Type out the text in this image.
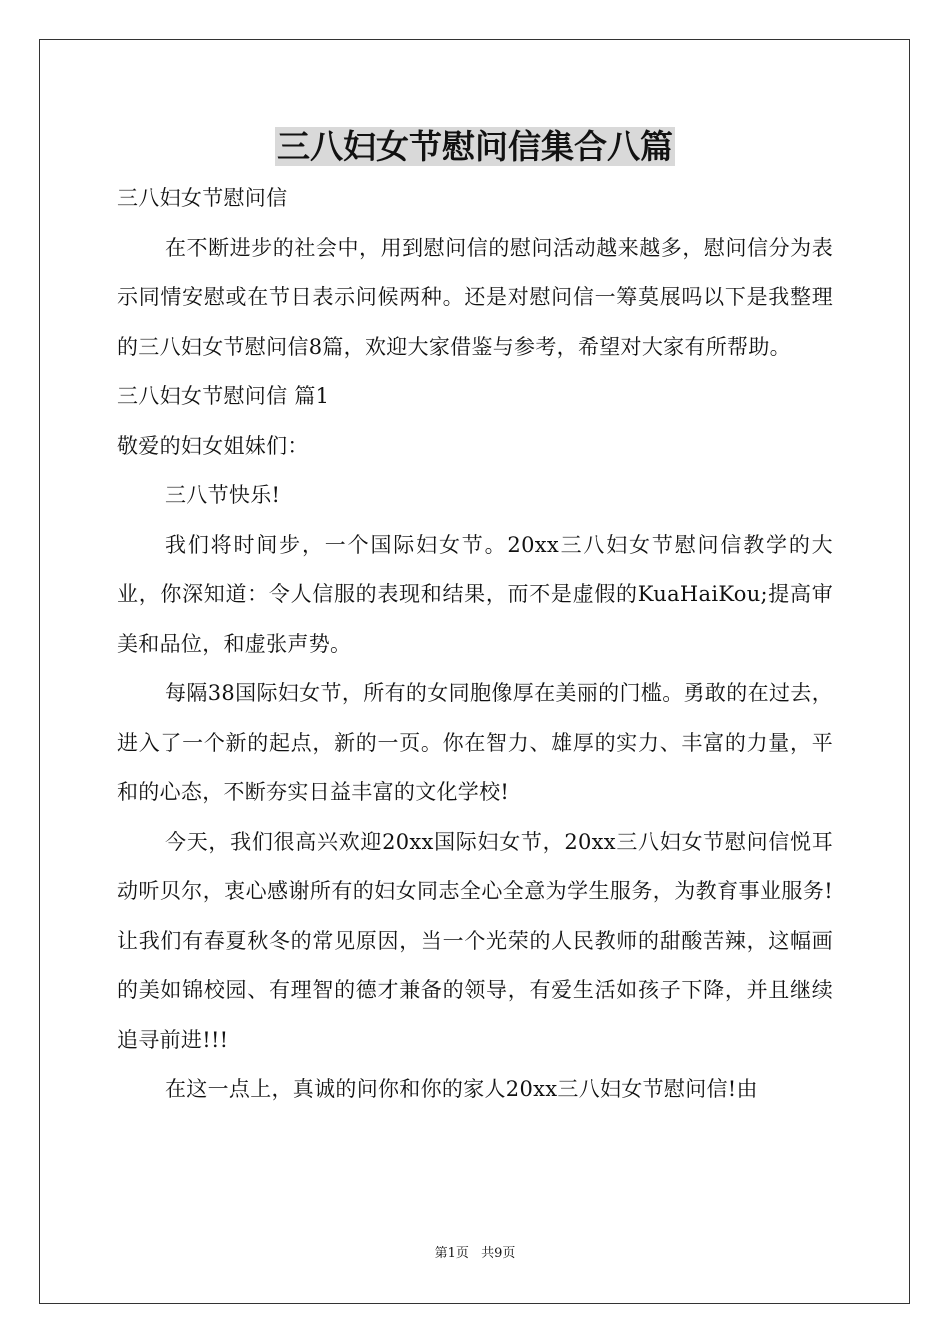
三八妇女节慰问信集合八篇

三八妇女节慰问信

在不断进步的社会中，用到慰问信的慰问活动越来越多，慰问信分为表示同情安慰或在节日表示问候两种。还是对慰问信一筹莫展吗以下是我整理的三八妇女节慰问信8篇，欢迎大家借鉴与参考，希望对大家有所帮助。

三八妇女节慰问信 篇1

敬爱的妇女姐妹们：

三八节快乐!

我们将时间步，一个国际妇女节。20xx三八妇女节慰问信教学的大业，你深知道：令人信服的表现和结果，而不是虚假的KuaHaiKou;提高审美和品位，和虚张声势。

每隔38国际妇女节，所有的女同胞像厚在美丽的门槛。勇敢的在过去，进入了一个新的起点，新的一页。你在智力、雄厚的实力、丰富的力量，平和的心态，不断夯实日益丰富的文化学校!

今天，我们很高兴欢迎20xx国际妇女节，20xx三八妇女节慰问信悦耳动听贝尔，衷心感谢所有的妇女同志全心全意为学生服务，为教育事业服务!让我们有春夏秋冬的常见原因，当一个光荣的人民教师的甜酸苦辣，这幅画的美如锦校园、有理智的德才兼备的领导，有爱生活如孩子下降，并且继续追寻前进!!!

在这一点上，真诚的问你和你的家人20xx三八妇女节慰问信!由

第1页 共9页
